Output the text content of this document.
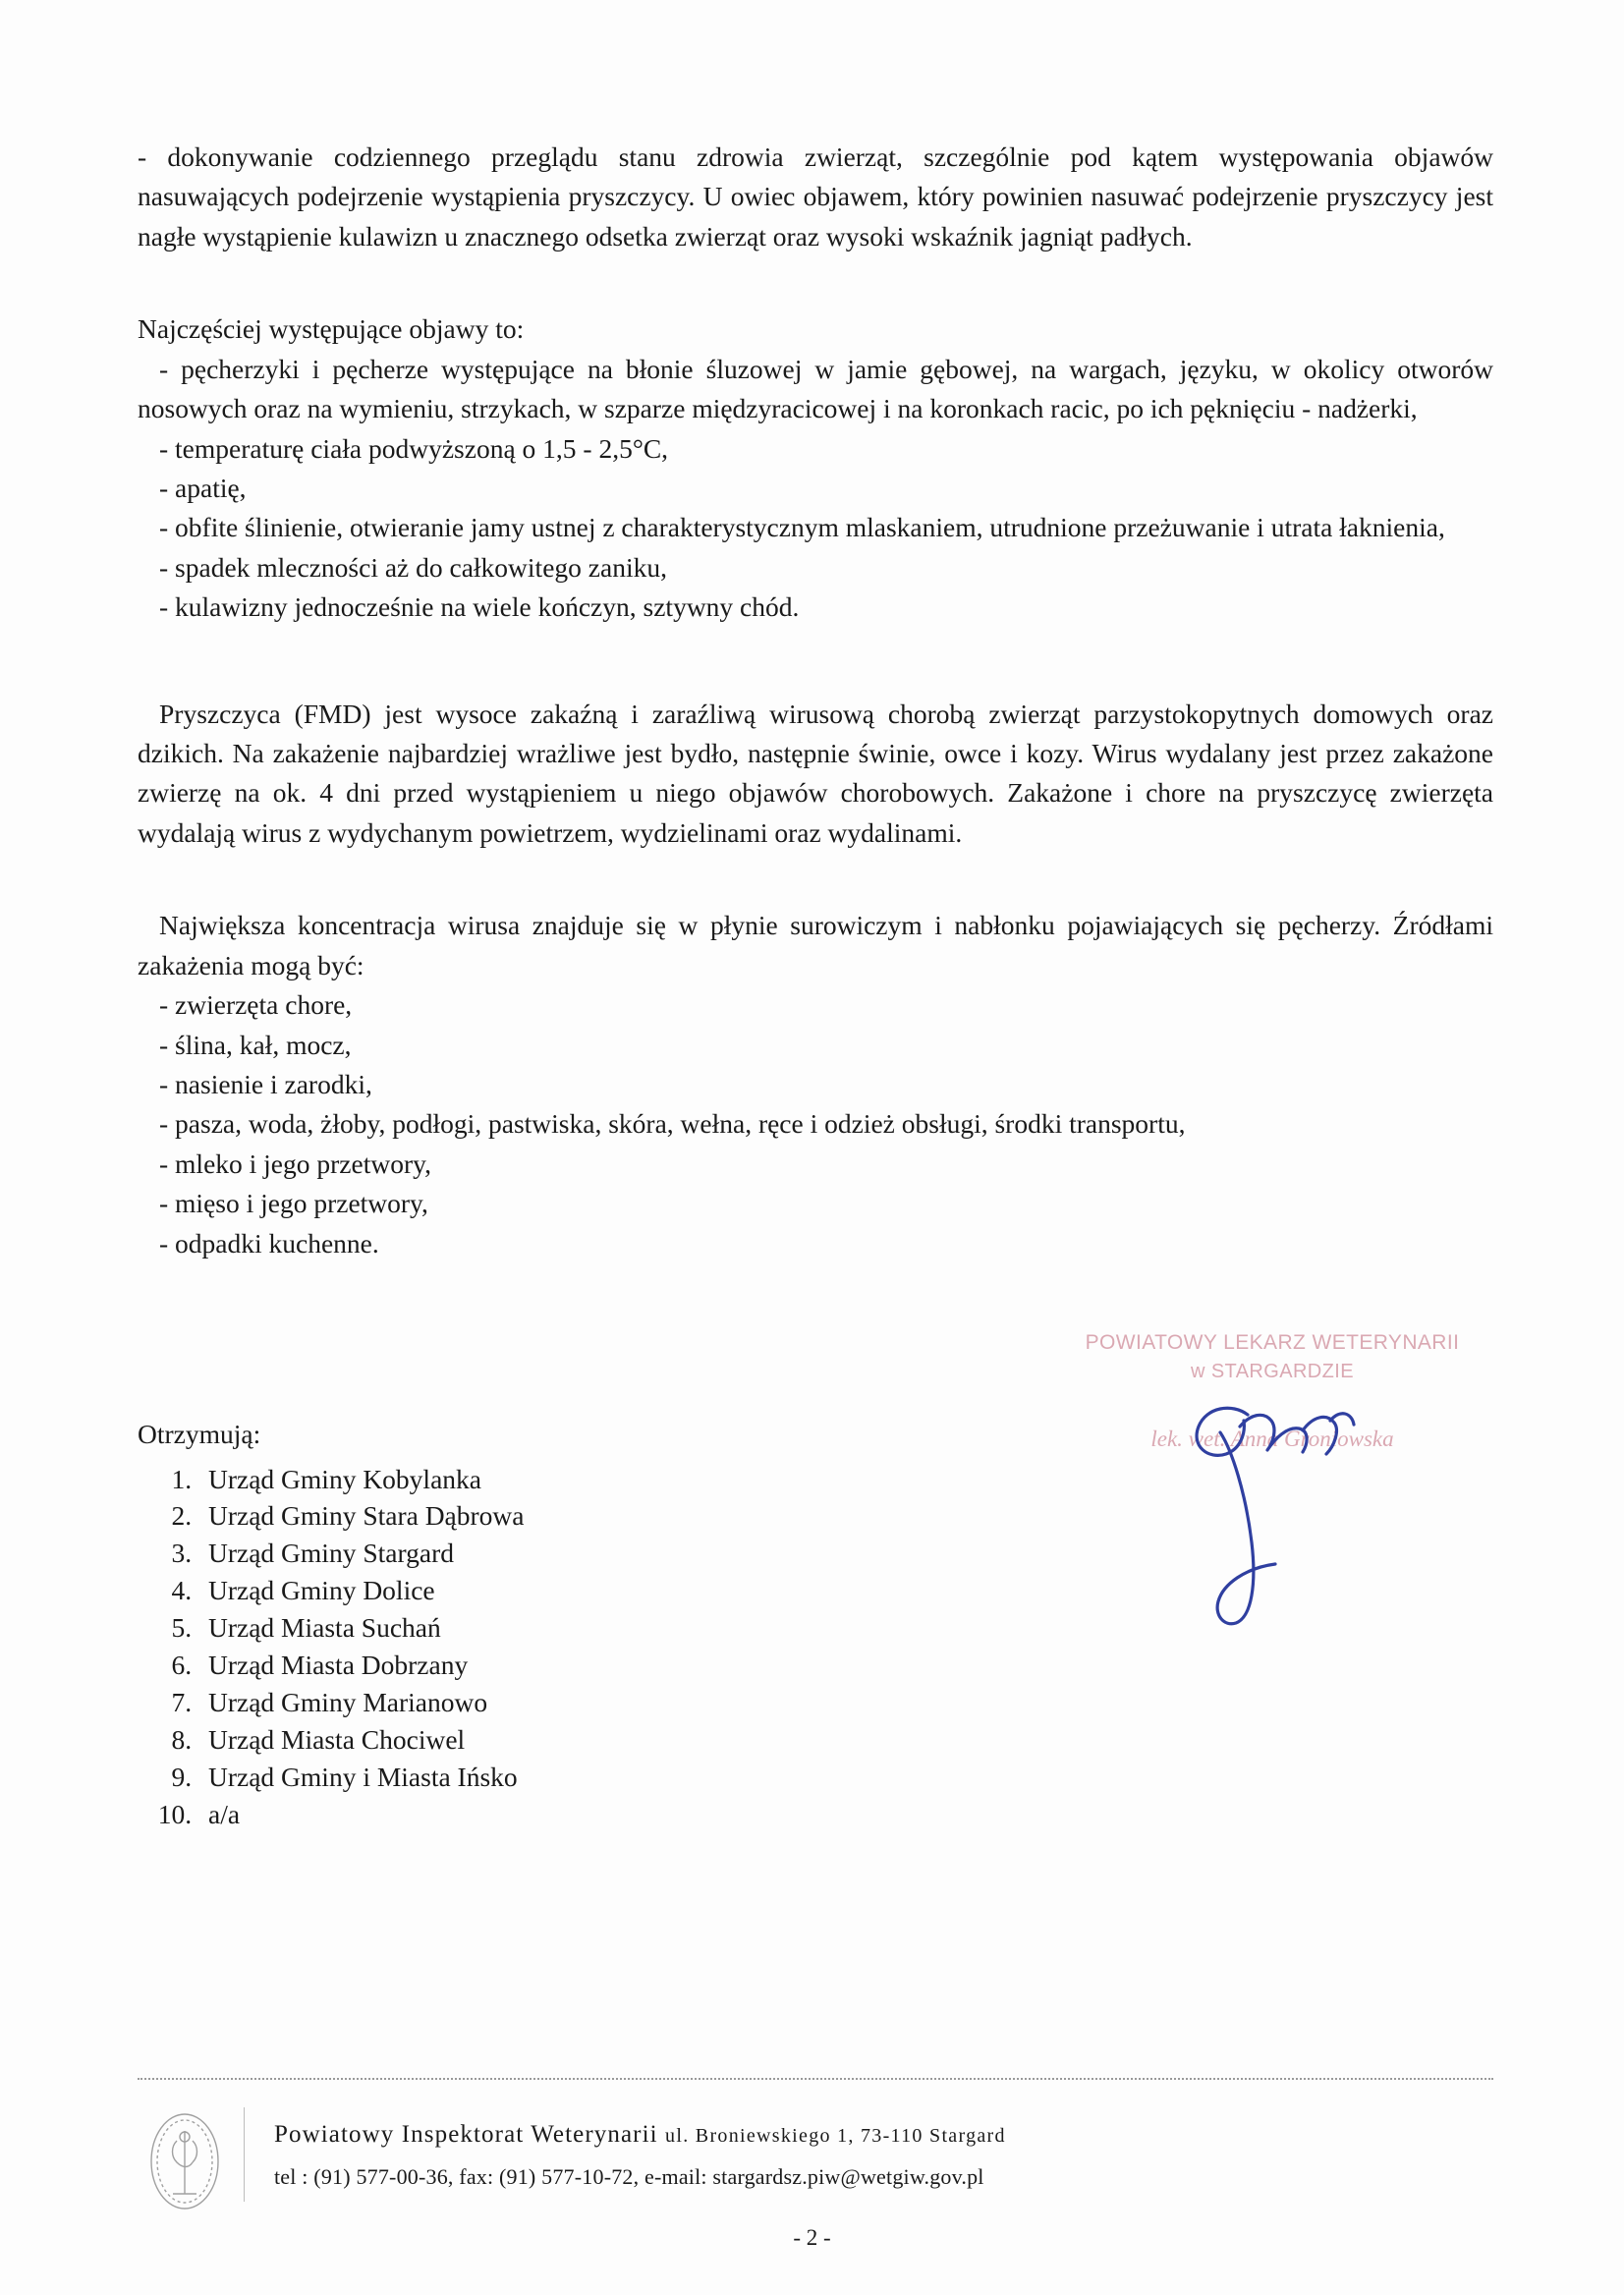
- dokonywanie codziennego przeglądu stanu zdrowia zwierząt, szczególnie pod kątem występowania objawów nasuwających podejrzenie wystąpienia pryszczycy. U owiec objawem, który powinien nasuwać podejrzenie pryszczycy jest nagłe wystąpienie kulawizn u znacznego odsetka zwierząt oraz wysoki wskaźnik jagniąt padłych.

Najczęściej występujące objawy to:

- pęcherzyki i pęcherze występujące na błonie śluzowej w jamie gębowej, na wargach, języku, w okolicy otworów nosowych oraz na wymieniu, strzykach, w szparze międzyracicowej i na koronkach racic, po ich pęknięciu - nadżerki,

- temperaturę ciała podwyższoną o 1,5 - 2,5°C,

- apatię,

- obfite ślinienie, otwieranie jamy ustnej z charakterystycznym mlaskaniem, utrudnione przeżuwanie i utrata łaknienia,

- spadek mleczności aż do całkowitego zaniku,

- kulawizny jednocześnie na wiele kończyn, sztywny chód.

Pryszczyca (FMD) jest wysoce zakaźną i zaraźliwą wirusową chorobą zwierząt parzystokopytnych domowych oraz dzikich. Na zakażenie najbardziej wrażliwe jest bydło, następnie świnie, owce i kozy. Wirus wydalany jest przez zakażone zwierzę na ok. 4 dni przed wystąpieniem u niego objawów chorobowych. Zakażone i chore na pryszczycę zwierzęta wydalają wirus z wydychanym powietrzem, wydzielinami oraz wydalinami.

Największa koncentracja wirusa znajduje się w płynie surowiczym i nabłonku pojawiających się pęcherzy. Źródłami zakażenia mogą być:

- zwierzęta chore,

- ślina, kał, mocz,

- nasienie i zarodki,

- pasza, woda, żłoby, podłogi, pastwiska, skóra, wełna, ręce i odzież obsługi, środki transportu,

- mleko i jego przetwory,

- mięso i jego przetwory,

- odpadki kuchenne.

Otrzymują:

1. Urząd Gminy Kobylanka
2. Urząd Gminy Stara Dąbrowa
3. Urząd Gminy Stargard
4. Urząd Gminy Dolice
5. Urząd Miasta Suchań
6. Urząd Miasta Dobrzany
7. Urząd Gminy Marianowo
8. Urząd Miasta Chociwel
9. Urząd Gminy i Miasta Ińsko
10. a/a
POWIATOWY LEKARZ WETERYNARII
w STARGARDZIE
lek. wet. Anna Groniowska
Powiatowy Inspektorat Weterynarii ul. Broniewskiego 1, 73-110 Stargard
tel : (91) 577-00-36, fax: (91) 577-10-72, e-mail: stargardsz.piw@wetgiw.gov.pl
- 2 -
